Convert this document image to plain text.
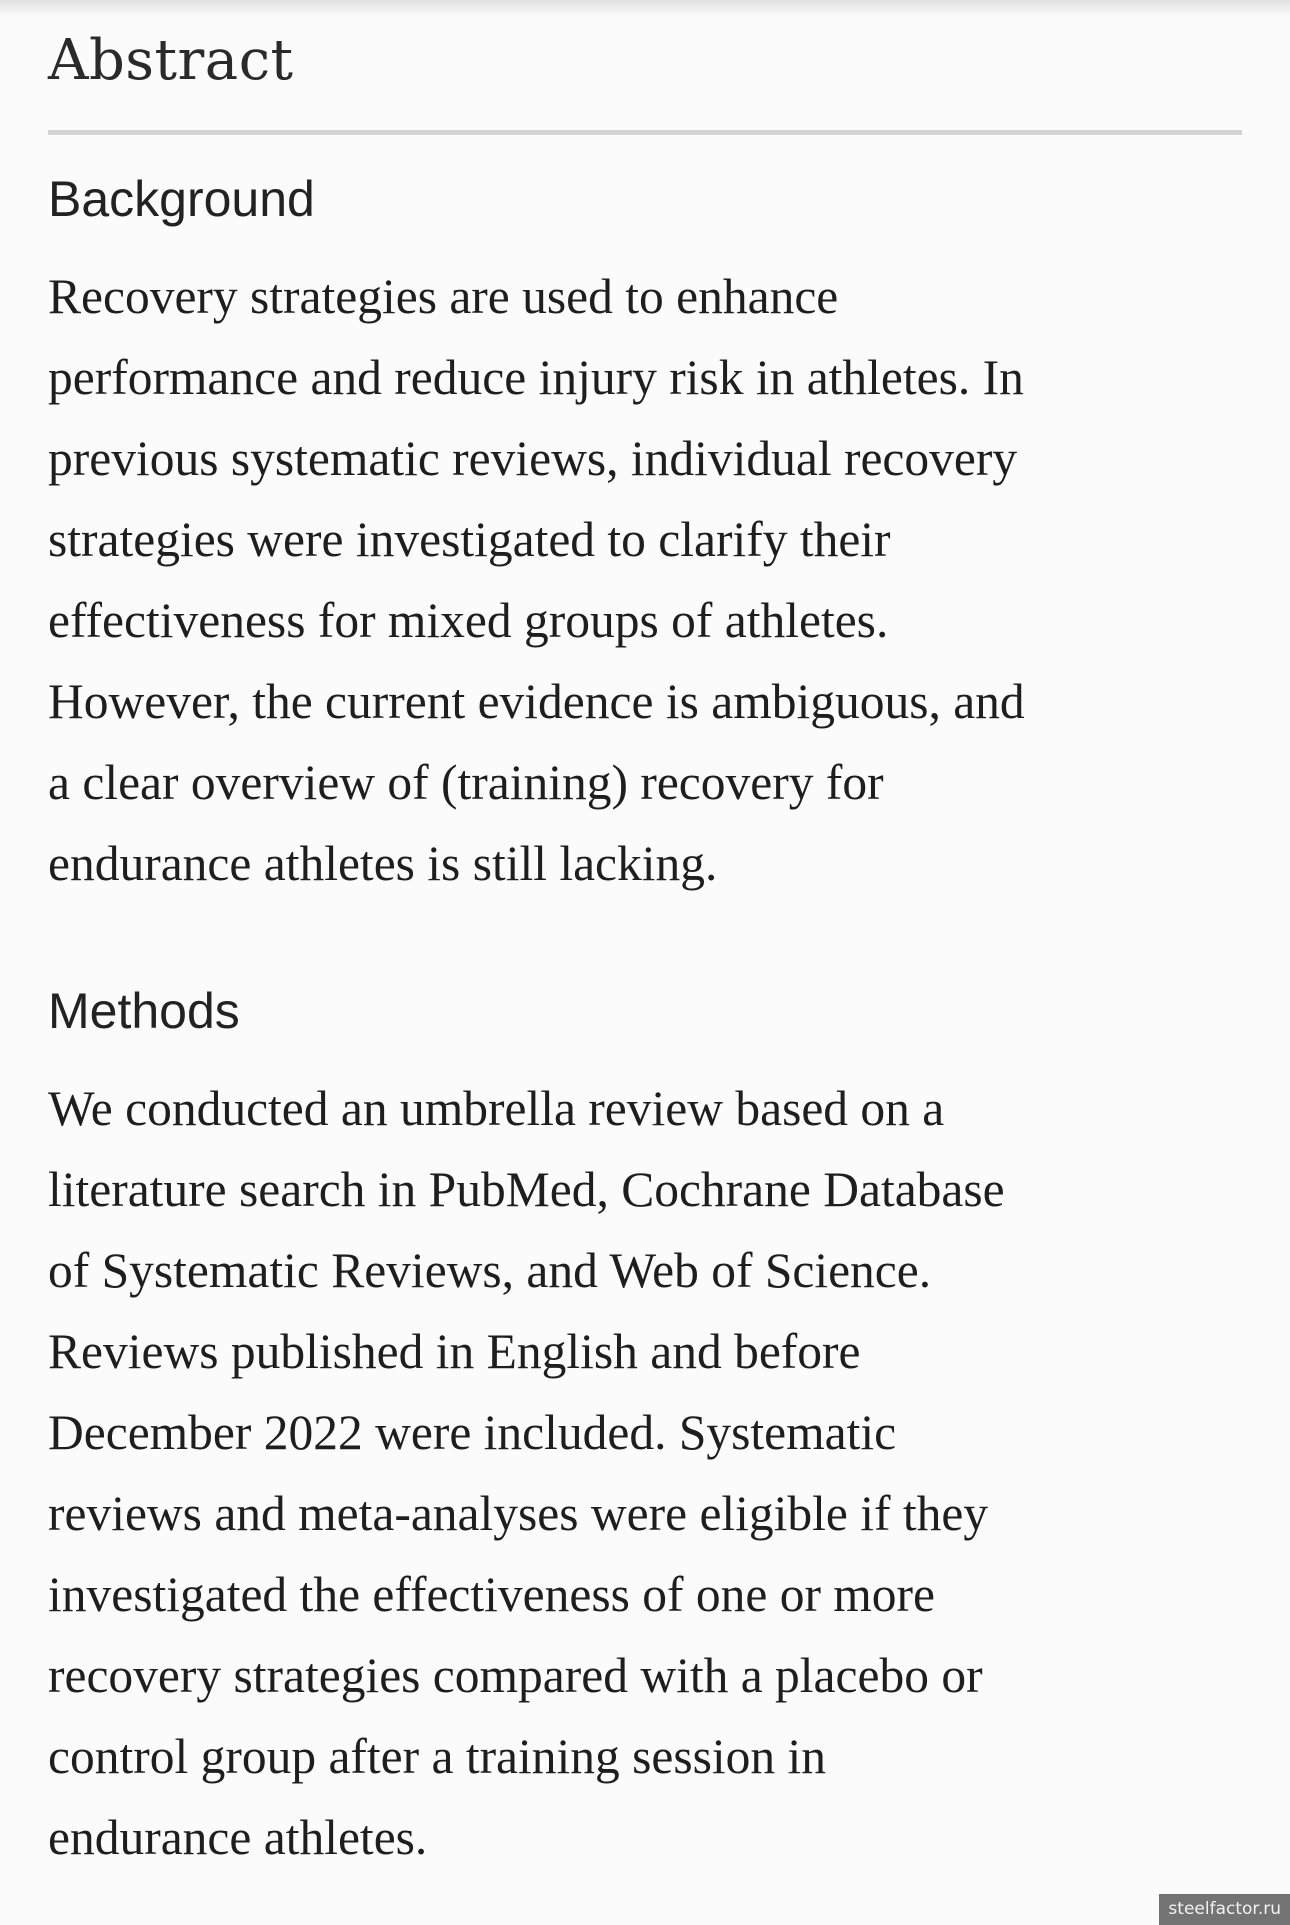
Abstract
Background

Recovery strategies are used to enhance
performance and reduce injury risk in athletes. In
previous systematic reviews, individual recovery
strategies were investigated to clarify their
effectiveness for mixed groups of athletes.
However, the current evidence is ambiguous, and
a clear overview of (training) recovery for
endurance athletes is still lacking.

Methods

We conducted an umbrella review based on a
literature search in PubMed, Cochrane Database
of Systematic Reviews, and Web of Science.
Reviews published in English and before
December 2022 were included. Systematic
reviews and meta-analyses were eligible if they
investigated the effectiveness of one or more
recovery strategies compared with a placebo or
control group after a training session in
endurance athletes.

steelfactor.ru
